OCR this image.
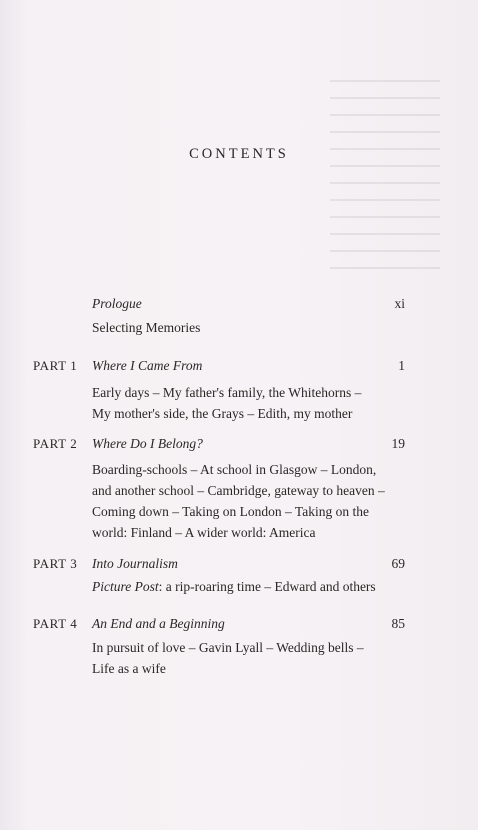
CONTENTS
Prologue	xi
Selecting Memories
PART 1 Where I Came From	1
Early days – My father's family, the Whitehorns –
My mother's side, the Grays – Edith, my mother
PART 2 Where Do I Belong?	19
Boarding-schools – At school in Glasgow – London,
and another school – Cambridge, gateway to heaven –
Coming down – Taking on London – Taking on the
world: Finland – A wider world: America
PART 3 Into Journalism	69
Picture Post: a rip-roaring time – Edward and others
PART 4 An End and a Beginning	85
In pursuit of love – Gavin Lyall – Wedding bells –
Life as a wife
